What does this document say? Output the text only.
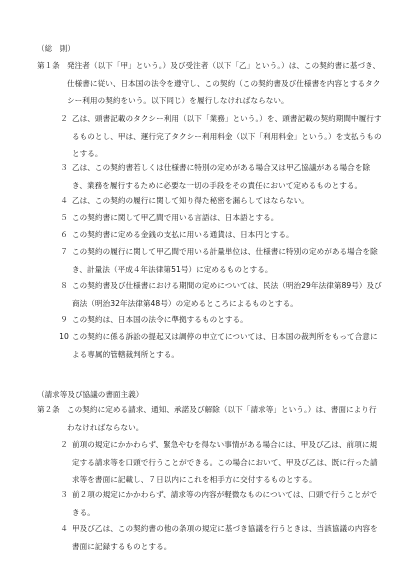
（総　則）
第１条 発注者（以下「甲」という。）及び受注者（以下「乙」という。）は、この契約書に基づき、仕様書に従い、日本国の法令を遵守し、この契約（この契約書及び仕様書を内容とするタクシー利用の契約をいう。以下同じ）を履行しなければならない。
２ 乙は、頭書記載のタクシー利用（以下「業務」という。）を、頭書記載の契約期間中履行するものとし、甲は、運行完了タクシー利用料金（以下「利用料金」という。）を支払うものとする。
３ 乙は、この契約書若しくは仕様書に特別の定めがある場合又は甲乙協議がある場合を除き、業務を履行するために必要な一切の手段をその責任において定めるものとする。
４ 乙は、この契約の履行に関して知り得た秘密を漏らしてはならない。
５ この契約書に関して甲乙間で用いる言語は、日本語とする。
６ この契約書に定める金銭の支払に用いる通貨は、日本円とする。
７ この契約の履行に関して甲乙間で用いる計量単位は、仕様書に特別の定めがある場合を除き、計量法（平成４年法律第51号）に定めるものとする。
８ この契約書及び仕様書における期間の定めについては、民法（明治29年法律第89号）及び商法（明治32年法律第48号）の定めるところによるものとする。
９ この契約は、日本国の法令に準拠するものとする。
10 この契約に係る訴訟の提起又は調停の申立てについては、日本国の裁判所をもって合意による専属的管轄裁判所とする。
（請求等及び協議の書面主義）
第２条 この契約に定める請求、通知、承諾及び解除（以下「請求等」という。）は、書面により行わなければならない。
２ 前項の規定にかかわらず、緊急やむを得ない事情がある場合には、甲及び乙は、前項に規定する請求等を口頭で行うことができる。この場合において、甲及び乙は、既に行った請求等を書面に記載し、７日以内にこれを相手方に交付するものとする。
３ 前２項の規定にかかわらず、請求等の内容が軽微なものについては、口頭で行うことができる。
４ 甲及び乙は、この契約書の他の条項の規定に基づき協議を行うときは、当該協議の内容を書面に記録するものとする。
